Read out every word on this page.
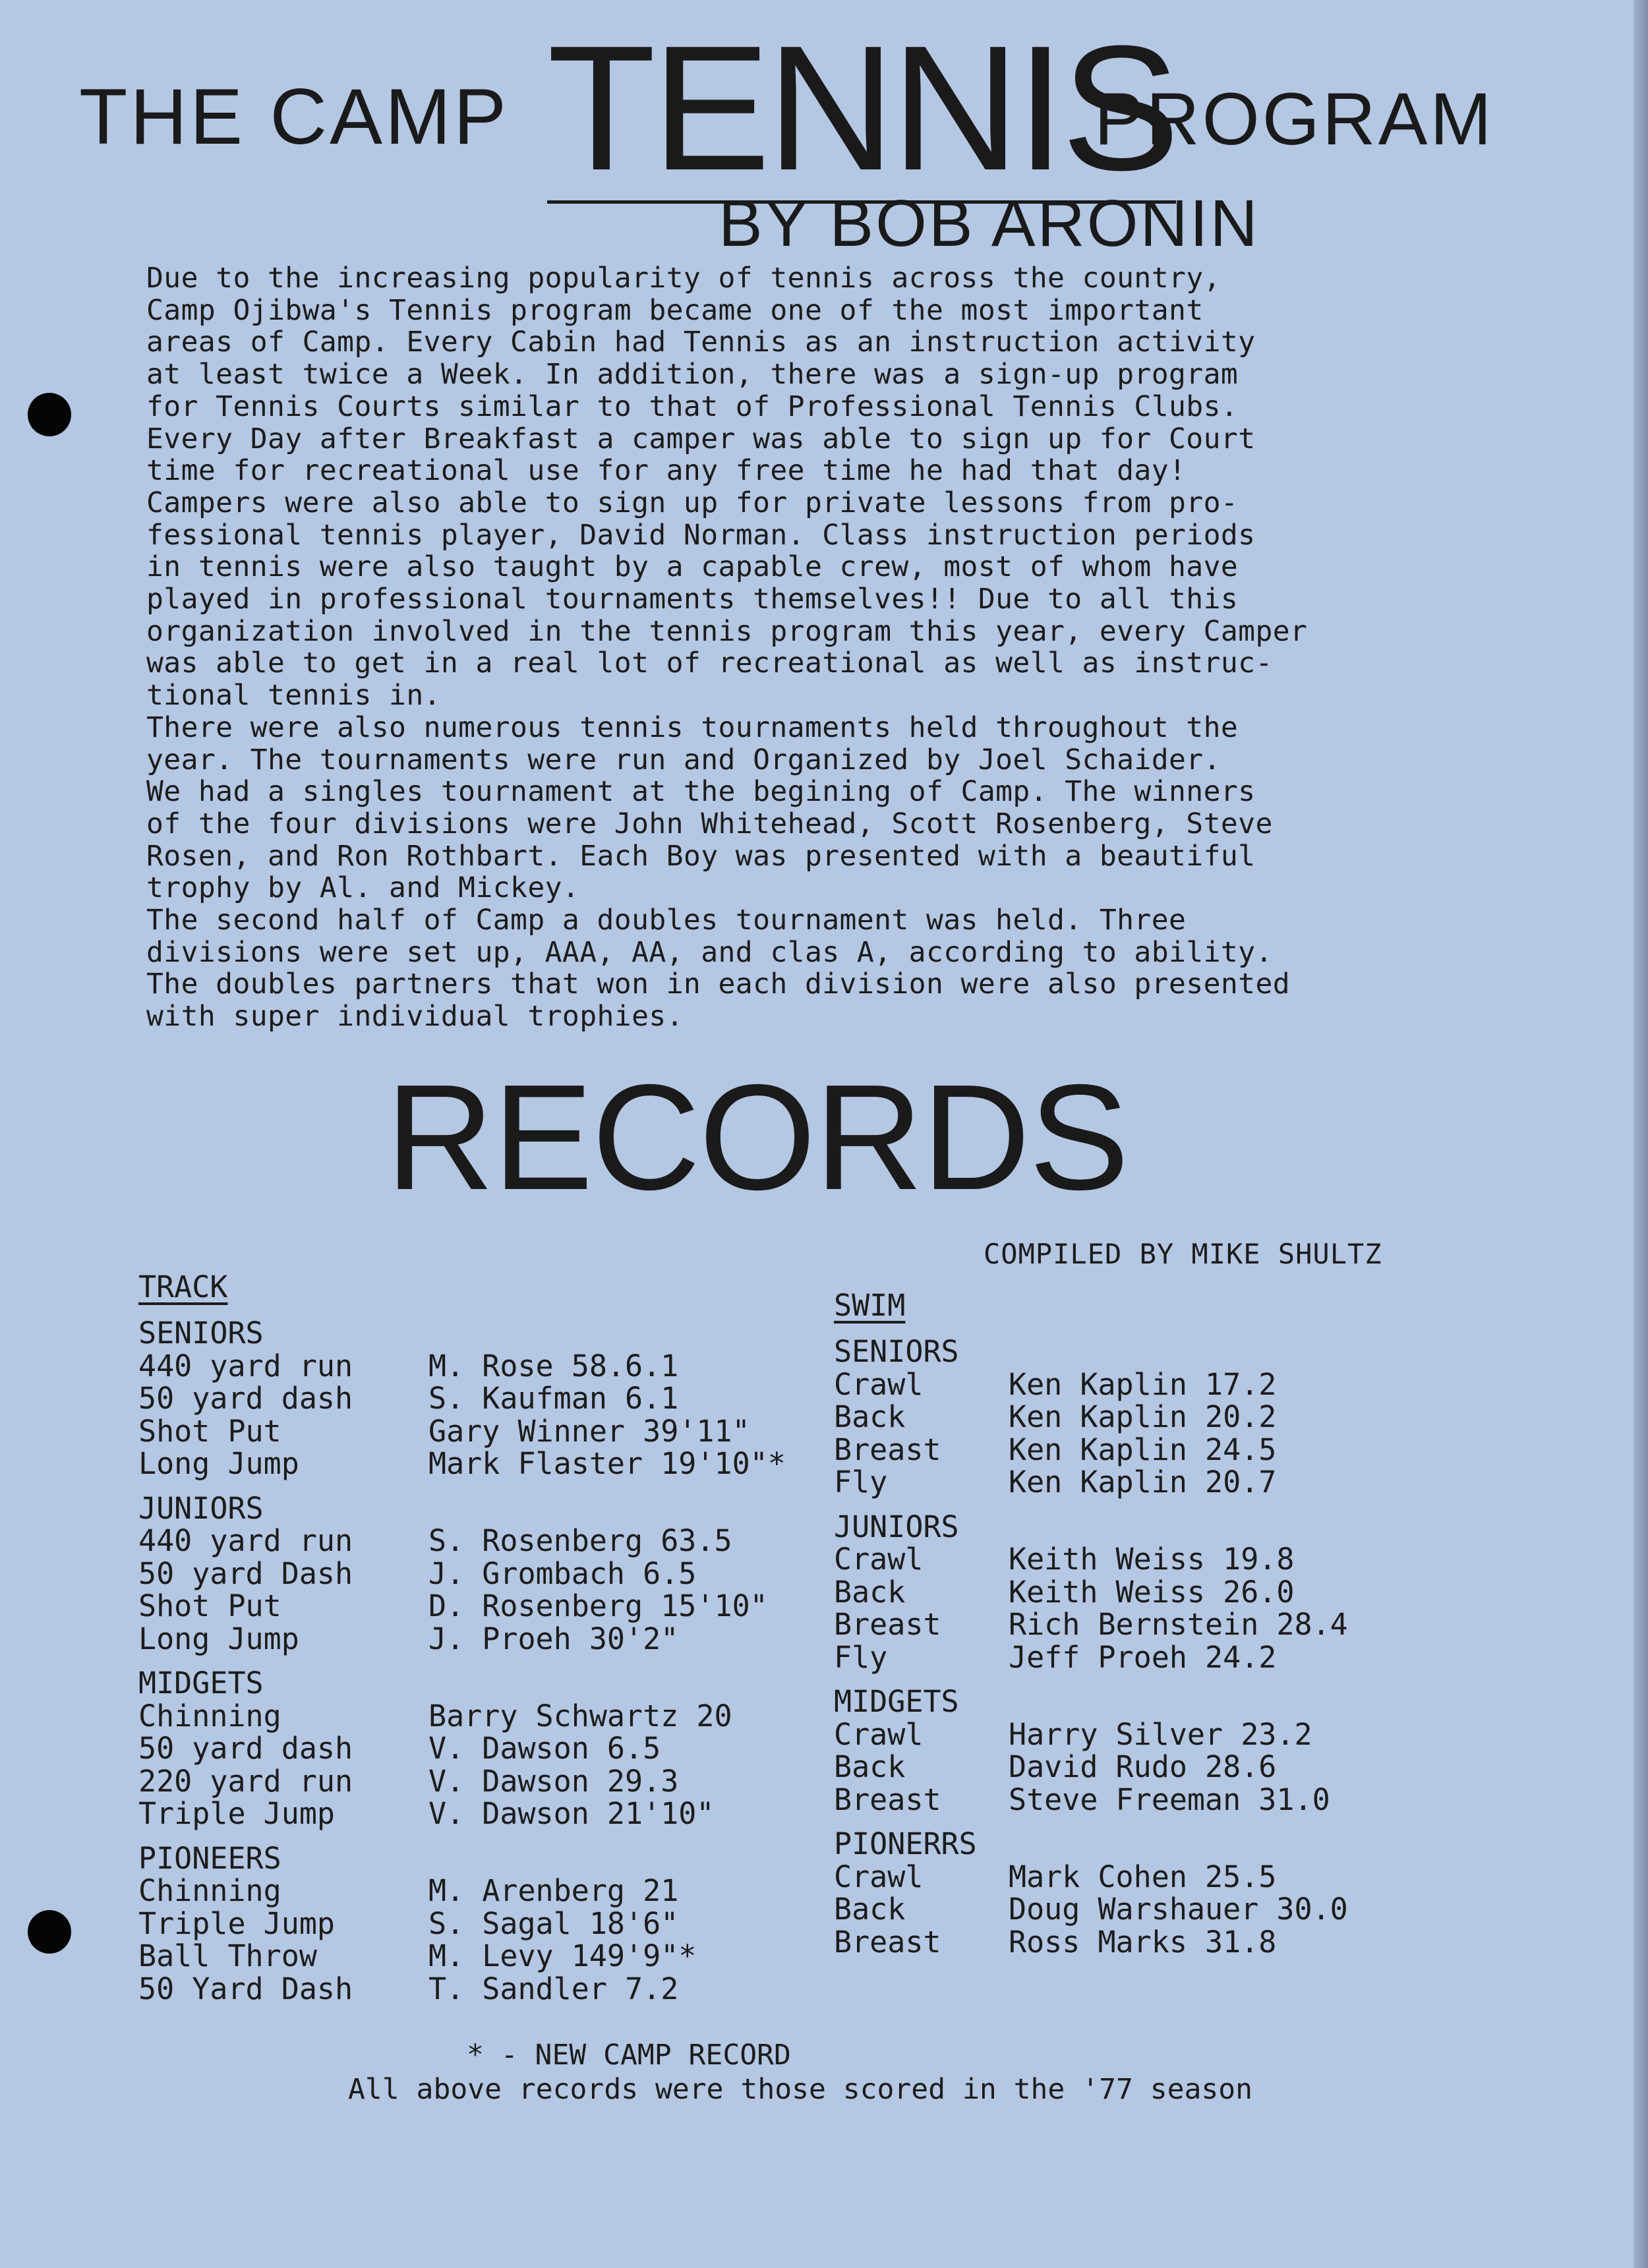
THE CAMP TENNIS
PROGRAM
BY BOB ARONIN
Due to the increasing popularity of tennis across the country,
Camp Ojibwa's Tennis program became one of the most important
areas of Camp. Every Cabin had Tennis as an instruction activity
at least twice a Week. In addition, there was a sign-up program
for Tennis Courts similar to that of Professional Tennis Clubs.
Every Day after Breakfast a camper was able to sign up for Court
time for recreational use for any free time he had that day!
Campers were also able to sign up for private lessons from pro-
fessional tennis player, David Norman. Class instruction periods
in tennis were also taught by a capable crew, most of whom have
played in professional tournaments themselves!! Due to all this
organization involved in the tennis program this year, every Camper
was able to get in a real lot of recreational as well as instruc-
tional tennis in.
There were also numerous tennis tournaments held throughout the
year. The tournaments were run and Organized by Joel Schaider.
We had a singles tournament at the begining of Camp. The winners
of the four divisions were John Whitehead, Scott Rosenberg, Steve
Rosen, and Ron Rothbart. Each Boy was presented with a beautiful
trophy by Al. and Mickey.
The second half of Camp a doubles tournament was held. Three
divisions were set up, AAA, AA, and clas A, according to ability.
The doubles partners that won in each division were also presented
with super individual trophies.
RECORDS
COMPILED BY MIKE SHULTZ
TRACK
SENIORS
440 yard run	M. Rose 58.6.1
50 yard dash	S. Kaufman 6.1
Shot Put	Gary Winner 39'11"
Long Jump	Mark Flaster 19'10"*
JUNIORS
440 yard run	S. Rosenberg 63.5
50 yard Dash	J. Grombach 6.5
Shot Put	D. Rosenberg 15'10"
Long Jump	J. Proeh 30'2"
MIDGETS
Chinning	Barry Schwartz 20
50 yard dash	V. Dawson 6.5
220 yard run	V. Dawson 29.3
Triple Jump	V. Dawson 21'10"
PIONEERS
Chinning	M. Arenberg 21
Triple Jump	S. Sagal 18'6"
Ball Throw	M. Levy 149'9"*
50 Yard Dash	T. Sandler 7.2
SWIM
SENIORS
Crawl	Ken Kaplin 17.2
Back	Ken Kaplin 20.2
Breast	Ken Kaplin 24.5
Fly	Ken Kaplin 20.7
JUNIORS
Crawl	Keith Weiss 19.8
Back	Keith Weiss 26.0
Breast	Rich Bernstein 28.4
Fly	Jeff Proeh 24.2
MIDGETS
Crawl	Harry Silver 23.2
Back	David Rudo 28.6
Breast	Steve Freeman 31.0
PIONERRS
Crawl	Mark Cohen 25.5
Back	Doug Warshauer 30.0
Breast	Ross Marks 31.8
* - NEW CAMP RECORD
All above records were those scored in the '77 season
